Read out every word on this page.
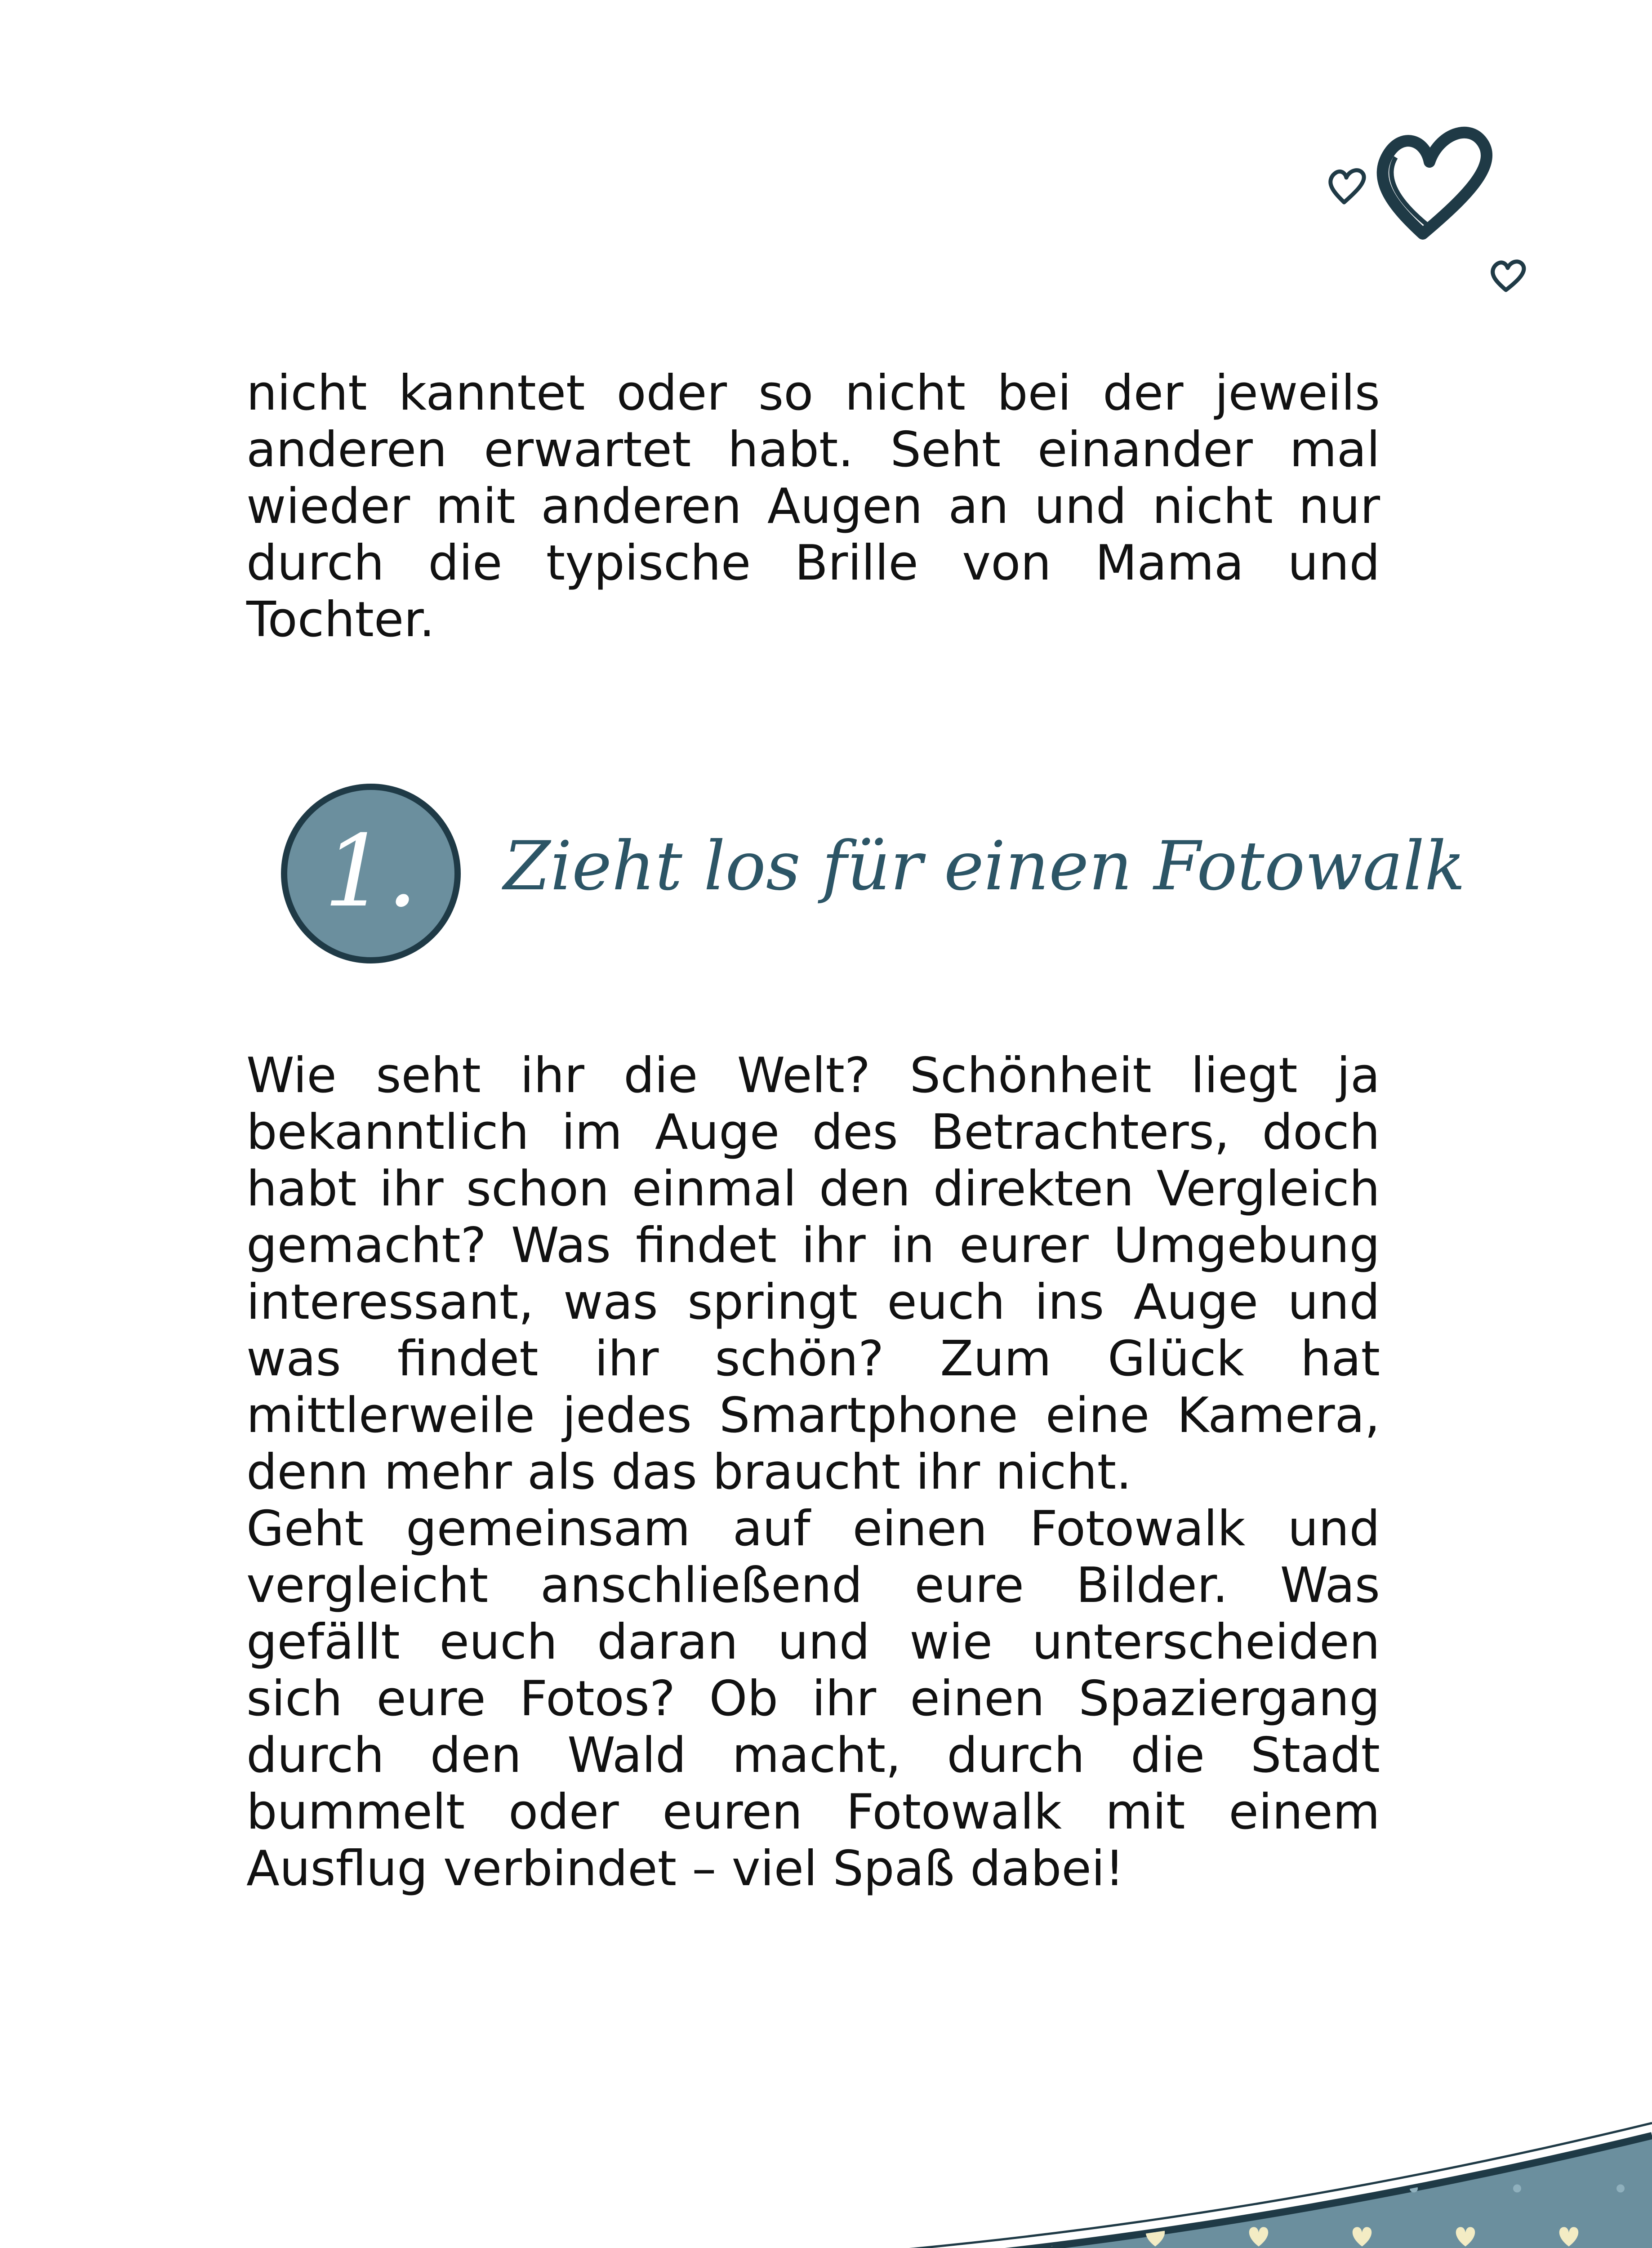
nicht kanntet oder so nicht bei der jeweils
anderen erwartet habt. Seht einander mal
wieder mit anderen Augen an und nicht nur
durch die typische Brille von Mama und
Tochter.
1. Zieht los für einen Fotowalk
Wie seht ihr die Welt? Schönheit liegt ja
bekanntlich im Auge des Betrachters, doch
habt ihr schon einmal den direkten Vergleich
gemacht? Was findet ihr in eurer Umgebung
interessant, was springt euch ins Auge und
was findet ihr schön? Zum Glück hat
mittlerweile jedes Smartphone eine Kamera,
denn mehr als das braucht ihr nicht.
Geht gemeinsam auf einen Fotowalk und
vergleicht anschließend eure Bilder. Was
gefällt euch daran und wie unterscheiden
sich eure Fotos? Ob ihr einen Spaziergang
durch den Wald macht, durch die Stadt
bummelt oder euren Fotowalk mit einem
Ausflug verbindet – viel Spaß dabei!
